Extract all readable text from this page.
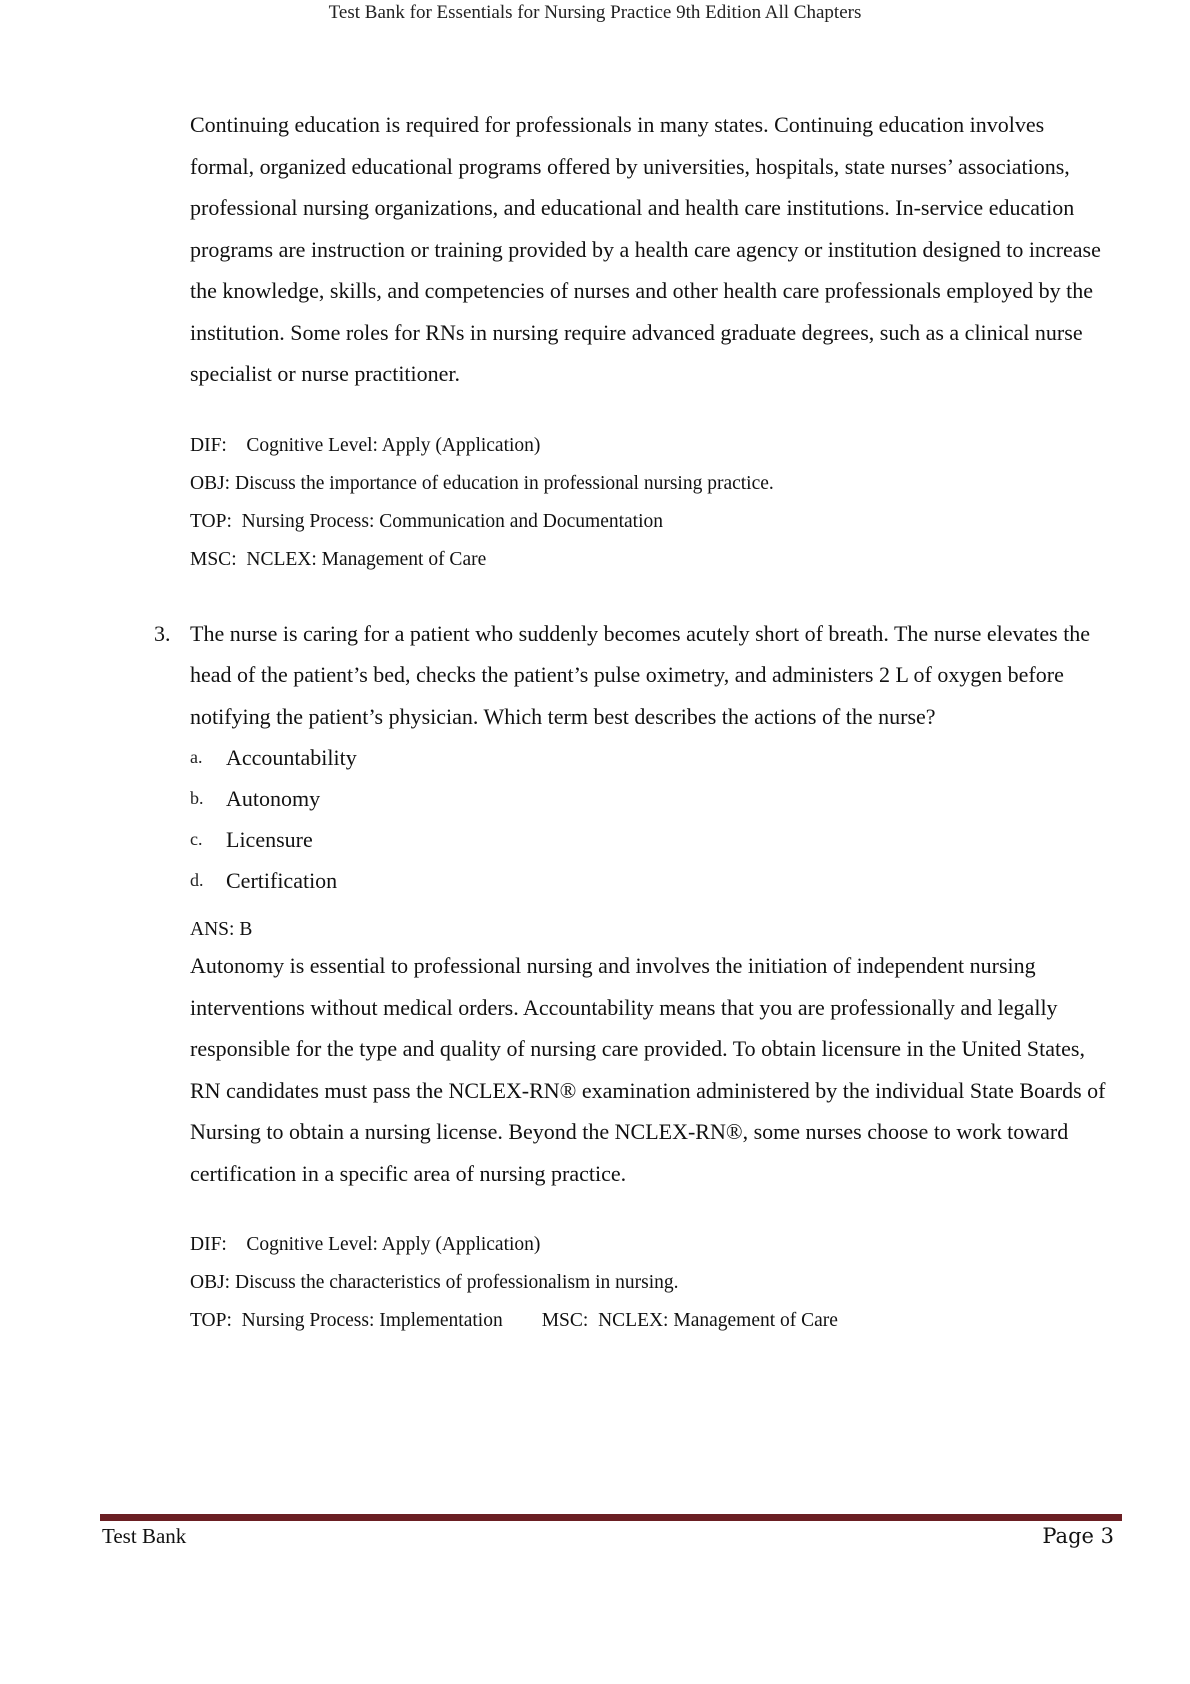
Test Bank for Essentials for Nursing Practice 9th Edition All Chapters

Continuing education is required for professionals in many states. Continuing education involves formal, organized educational programs offered by universities, hospitals, state nurses’ associations, professional nursing organizations, and educational and health care institutions. In-service education programs are instruction or training provided by a health care agency or institution designed to increase the knowledge, skills, and competencies of nurses and other health care professionals employed by the institution. Some roles for RNs in nursing require advanced graduate degrees, such as a clinical nurse specialist or nurse practitioner.

DIF:
Cognitive Level: Apply (Application)
OBJ:
Discuss the importance of education in professional nursing practice.
TOP:
Nursing Process: Communication and Documentation
MSC:
NCLEX: Management of Care
3. The nurse is caring for a patient who suddenly becomes acutely short of breath. The nurse elevates the head of the patient’s bed, checks the patient’s pulse oximetry, and administers 2 L of oxygen before notifying the patient’s physician. Which term best describes the actions of the nurse?

a.	Accountability
b.	Autonomy
c.	Licensure
d.	Certification
ANS: B

Autonomy is essential to professional nursing and involves the initiation of independent nursing interventions without medical orders. Accountability means that you are professionally and legally responsible for the type and quality of nursing care provided. To obtain licensure in the United States, RN candidates must pass the NCLEX-RN® examination administered by the individual State Boards of Nursing to obtain a nursing license. Beyond the NCLEX-RN®, some nurses choose to work toward certification in a specific area of nursing practice.

DIF:
Cognitive Level: Apply (Application)
OBJ:
Discuss the characteristics of professionalism in nursing.
TOP:
Nursing Process: Implementation
MSC:
NCLEX: Management of Care
Test Bank	Page 3
